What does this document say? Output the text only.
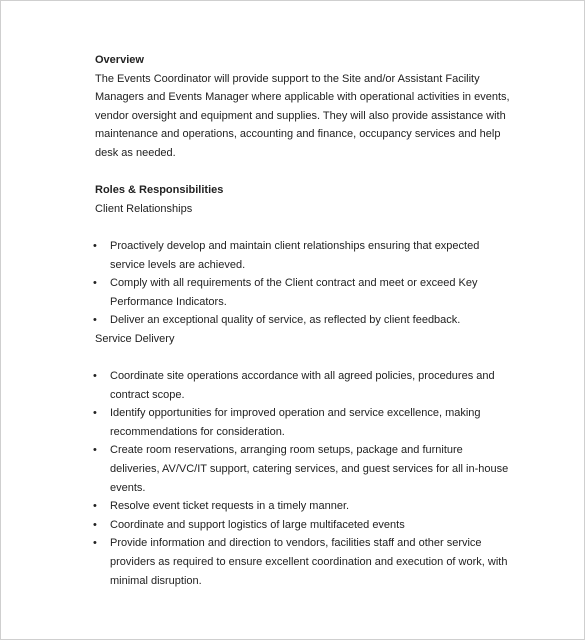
Overview

The Events Coordinator will provide support to the Site and/or Assistant Facility Managers and Events Manager where applicable with operational activities in events, vendor oversight and equipment and supplies. They will also provide assistance with maintenance and operations, accounting and finance, occupancy services and help desk as needed.

Roles & Responsibilities

Client Relationships

• Proactively develop and maintain client relationships ensuring that expected service levels are achieved.
• Comply with all requirements of the Client contract and meet or exceed Key Performance Indicators.
• Deliver an exceptional quality of service, as reflected by client feedback.

Service Delivery

• Coordinate site operations accordance with all agreed policies, procedures and contract scope.
• Identify opportunities for improved operation and service excellence, making recommendations for consideration.
• Create room reservations, arranging room setups, package and furniture deliveries, AV/VC/IT support, catering services, and guest services for all in-house events.
• Resolve event ticket requests in a timely manner.
• Coordinate and support logistics of large multifaceted events
• Provide information and direction to vendors, facilities staff and other service providers as required to ensure excellent coordination and execution of work, with minimal disruption.
